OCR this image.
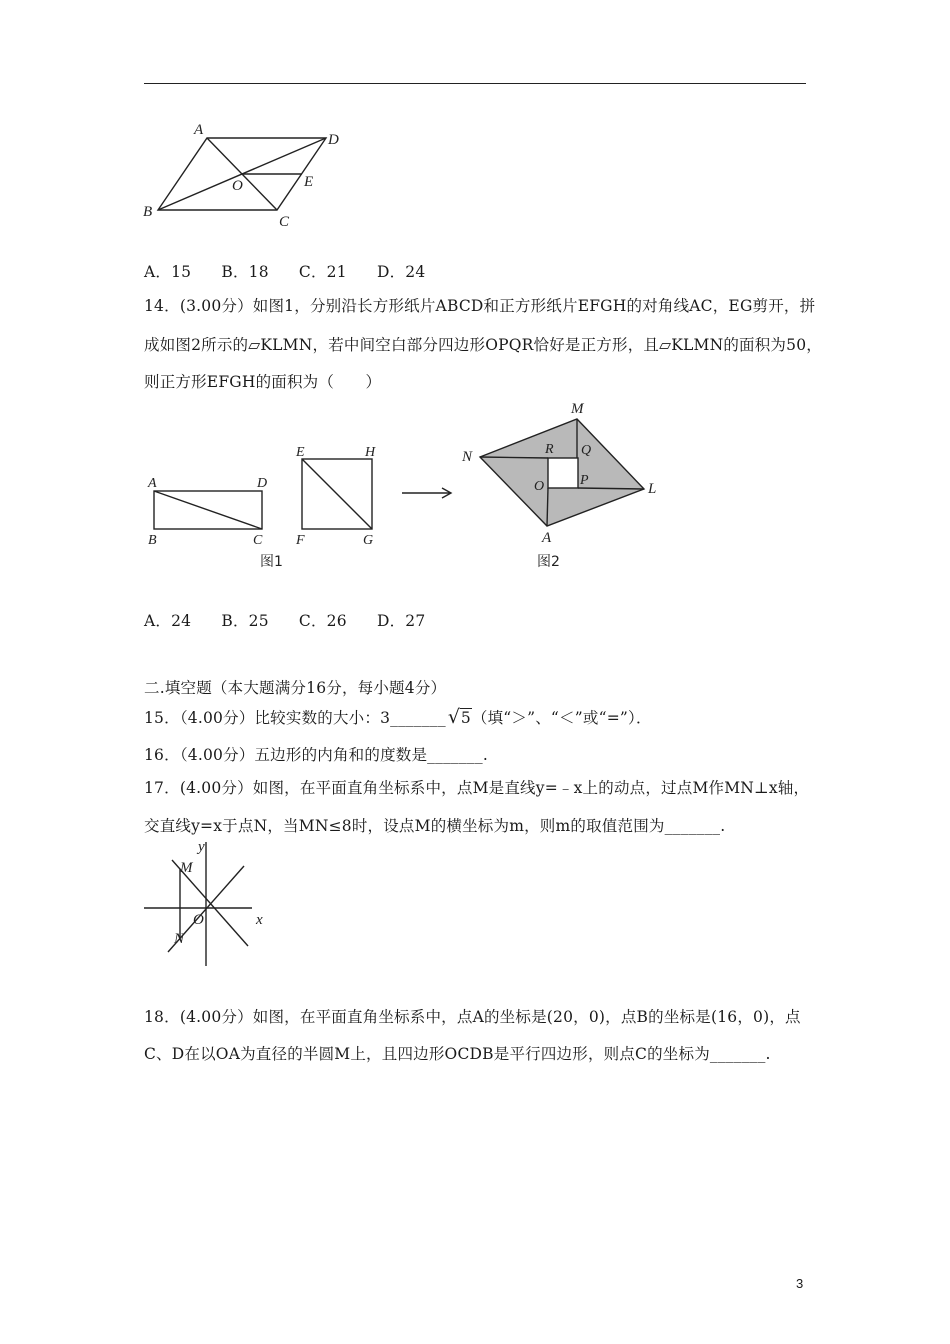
A
D
O	E
B
C
A．15 B．18 C．21 D．24
14．(3.00分）如图1，分别沿长方形纸片ABCD和正方形纸片EFGH的对角线AC，EG剪开，拼
成如图2所示的▱KLMN，若中间空白部分四边形OPQR恰好是正方形，且▱KLMN的面积为50，
则正方形EFGH的面积为（　　）
A	D
B	C
E	H
F	G
图1
M
N	R Q
O	P
L
A
图2
A．24 B．25 C．26 D．27
二.填空题（本大题满分16分，每小题4分）
15．（4.00分）比较实数的大小：3_______√ 5（填“＞”、“＜”或“=”）．
16．（4.00分）五边形的内角和的度数是_______.
17．(4.00分）如图，在平面直角坐标系中，点M是直线y=﹣x上的动点，过点M作MN⊥x轴，
交直线y=x于点N，当MN≤8时，设点M的横坐标为m，则m的取值范围为_______.
y
M
O	x
N
18．(4.00分）如图，在平面直角坐标系中，点A的坐标是(20，0)，点B的坐标是(16，0)，点
C、D在以OA为直径的半圆M上，且四边形OCDB是平行四边形，则点C的坐标为_______.
3
